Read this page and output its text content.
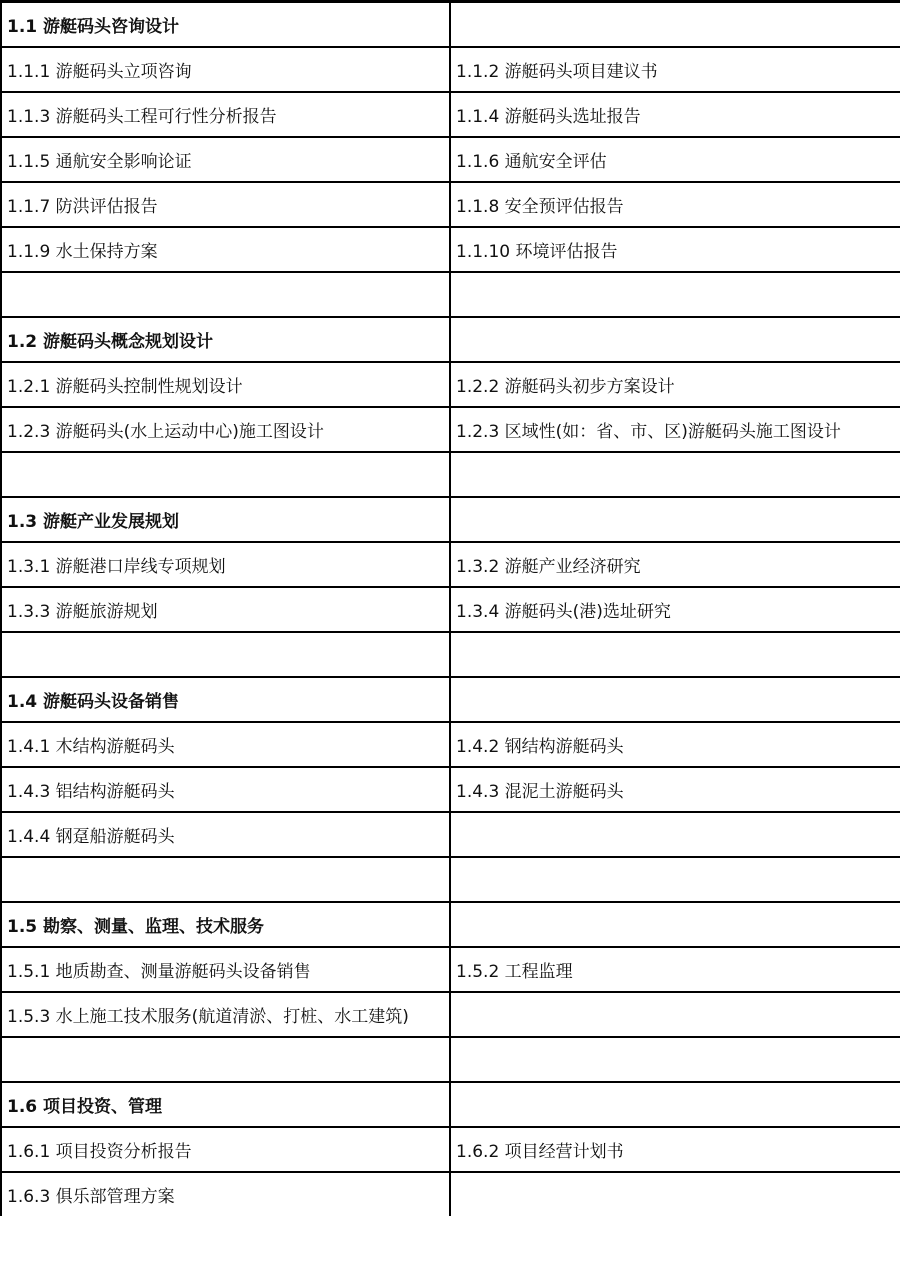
1.1 游艇码头咨询设计	
1.1.1 游艇码头立项咨询	1.1.2 游艇码头项目建议书
1.1.3 游艇码头工程可行性分析报告	1.1.4 游艇码头选址报告
1.1.5 通航安全影响论证	1.1.6 通航安全评估
1.1.7 防洪评估报告	1.1.8 安全预评估报告
1.1.9 水土保持方案	1.1.10 环境评估报告

1.2 游艇码头概念规划设计	
1.2.1 游艇码头控制性规划设计	1.2.2 游艇码头初步方案设计
1.2.3 游艇码头(水上运动中心)施工图设计	1.2.3 区域性(如：省、市、区)游艇码头施工图设计

1.3 游艇产业发展规划	
1.3.1 游艇港口岸线专项规划	1.3.2 游艇产业经济研究
1.3.3 游艇旅游规划	1.3.4 游艇码头(港)选址研究

1.4 游艇码头设备销售	
1.4.1 木结构游艇码头	1.4.2 钢结构游艇码头
1.4.3 铝结构游艇码头	1.4.3 混泥土游艇码头
1.4.4 钢趸船游艇码头	

1.5 勘察、测量、监理、技术服务	
1.5.1 地质勘查、测量游艇码头设备销售	1.5.2 工程监理
1.5.3 水上施工技术服务(航道清淤、打桩、水工建筑)	

1.6 项目投资、管理	
1.6.1 项目投资分析报告	1.6.2 项目经营计划书
1.6.3 俱乐部管理方案	
